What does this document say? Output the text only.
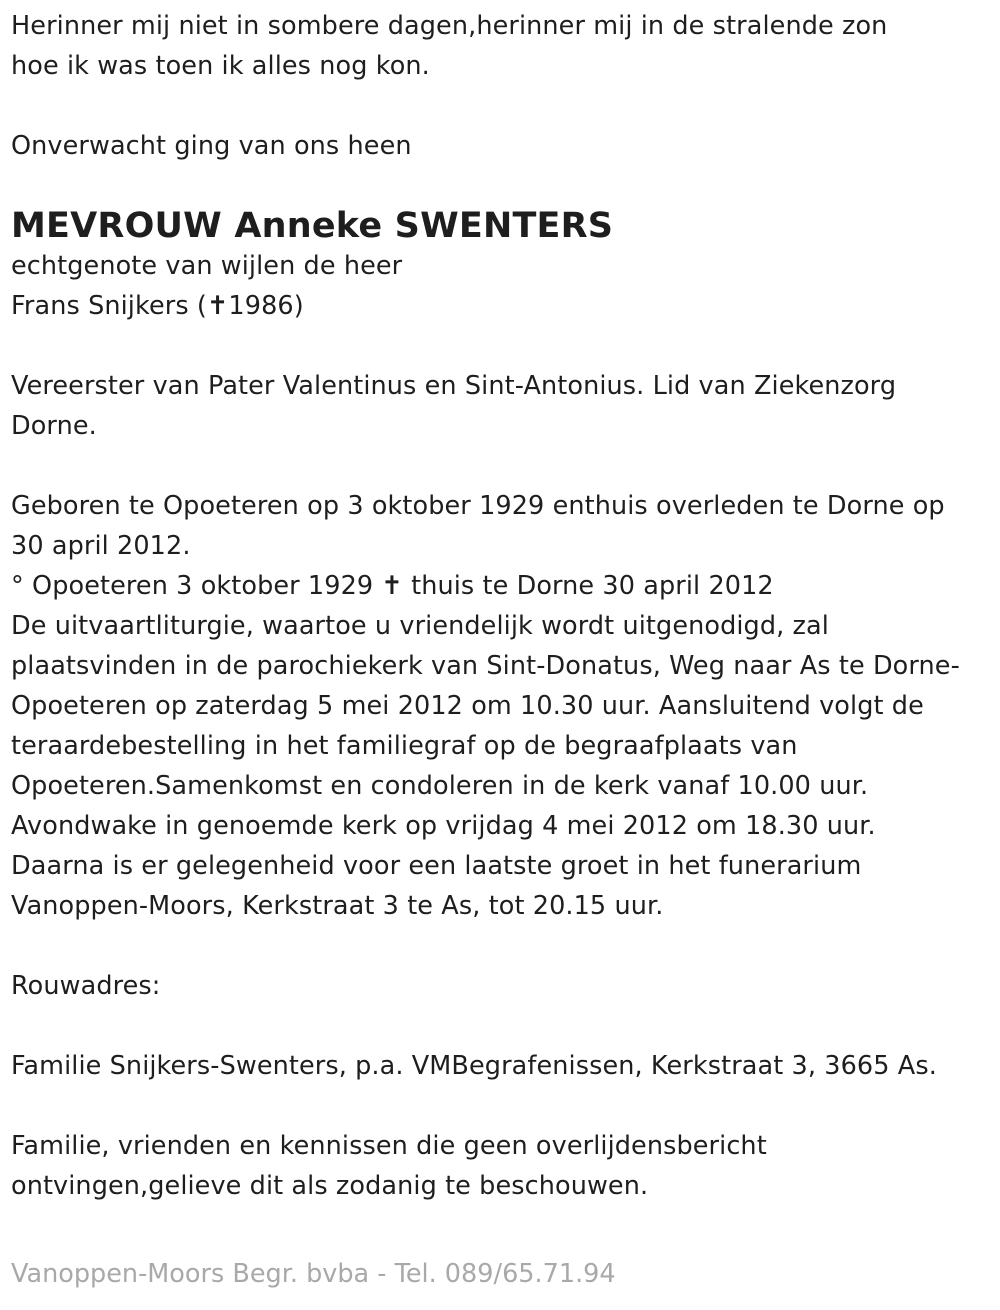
Herinner mij niet in sombere dagen,herinner mij in de stralende zon
hoe ik was toen ik alles nog kon.
Onverwacht ging van ons heen
MEVROUW Anneke SWENTERS
echtgenote van wijlen de heer
Frans Snijkers (✝1986)
Vereerster van Pater Valentinus en Sint-Antonius. Lid van Ziekenzorg
Dorne.
Geboren te Opoeteren op 3 oktober 1929 enthuis overleden te Dorne op
30 april 2012.
° Opoeteren 3 oktober 1929 ✝ thuis te Dorne 30 april 2012
De uitvaartliturgie, waartoe u vriendelijk wordt uitgenodigd, zal
plaatsvinden in de parochiekerk van Sint-Donatus, Weg naar As te Dorne-
Opoeteren op zaterdag 5 mei 2012 om 10.30 uur. Aansluitend volgt de
teraardebestelling in het familiegraf op de begraafplaats van
Opoeteren.Samenkomst en condoleren in de kerk vanaf 10.00 uur.
Avondwake in genoemde kerk op vrijdag 4 mei 2012 om 18.30 uur.
Daarna is er gelegenheid voor een laatste groet in het funerarium
Vanoppen-Moors, Kerkstraat 3 te As, tot 20.15 uur.
Rouwadres:
Familie Snijkers-Swenters, p.a. VMBegrafenissen, Kerkstraat 3, 3665 As.
Familie, vrienden en kennissen die geen overlijdensbericht
ontvingen,gelieve dit als zodanig te beschouwen.
Vanoppen-Moors Begr. bvba - Tel. 089/65.71.94
